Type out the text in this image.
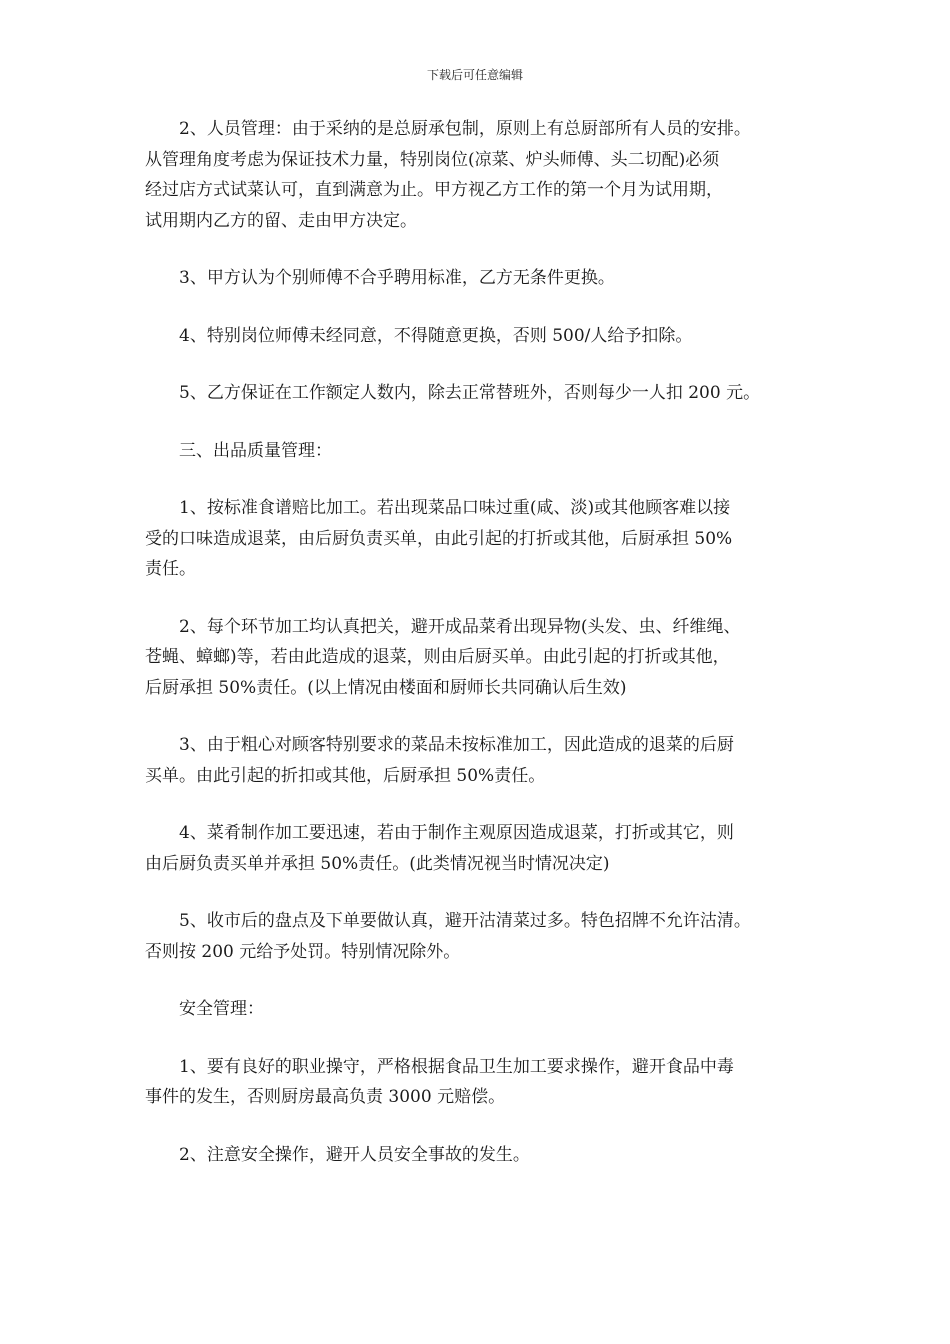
下载后可任意编辑

2、人员管理：由于采纳的是总厨承包制，原则上有总厨部所有人员的安排。
从管理角度考虑为保证技术力量，特别岗位(凉菜、炉头师傅、头二切配)必须
经过店方式试菜认可，直到满意为止。甲方视乙方工作的第一个月为试用期，
试用期内乙方的留、走由甲方决定。

3、甲方认为个别师傅不合乎聘用标准，乙方无条件更换。

4、特别岗位师傅未经同意，不得随意更换，否则 500/人给予扣除。

5、乙方保证在工作额定人数内，除去正常替班外，否则每少一人扣 200 元。

三、出品质量管理：

1、按标准食谱赔比加工。若出现菜品口味过重(咸、淡)或其他顾客难以接
受的口味造成退菜，由后厨负责买单，由此引起的打折或其他，后厨承担 50%
责任。

2、每个环节加工均认真把关，避开成品菜肴出现异物(头发、虫、纤维绳、
苍蝇、蟑螂)等，若由此造成的退菜，则由后厨买单。由此引起的打折或其他，
后厨承担 50%责任。(以上情况由楼面和厨师长共同确认后生效)

3、由于粗心对顾客特别要求的菜品未按标准加工，因此造成的退菜的后厨
买单。由此引起的折扣或其他，后厨承担 50%责任。

4、菜肴制作加工要迅速，若由于制作主观原因造成退菜，打折或其它，则
由后厨负责买单并承担 50%责任。(此类情况视当时情况决定)

5、收市后的盘点及下单要做认真，避开沽清菜过多。特色招牌不允许沽清。
否则按 200 元给予处罚。特别情况除外。

安全管理：

1、要有良好的职业操守，严格根据食品卫生加工要求操作，避开食品中毒
事件的发生，否则厨房最高负责 3000 元赔偿。

2、注意安全操作，避开人员安全事故的发生。
